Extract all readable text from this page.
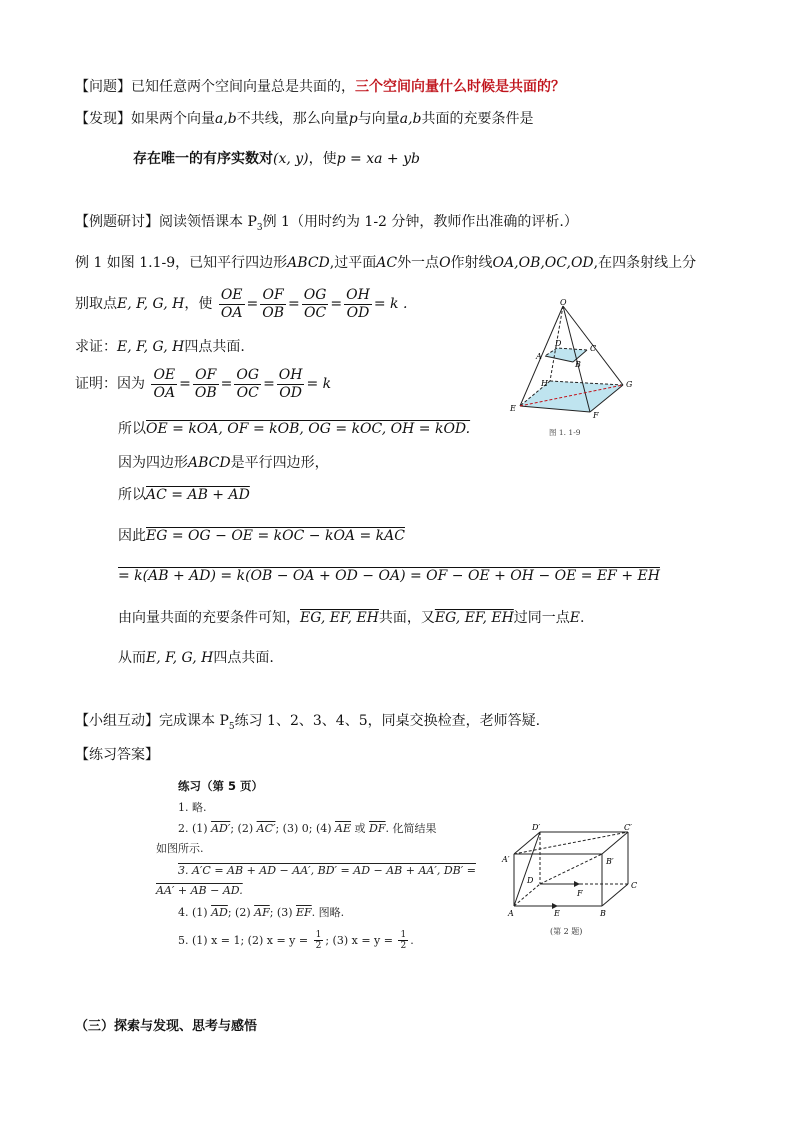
【问题】已知任意两个空间向量总是共面的，三个空间向量什么时候是共面的？
【发现】如果两个向量a,b不共线，那么向量p与向量a,b共面的充要条件是
存在唯一的有序实数对(x, y)，使p = xa + yb
【例题研讨】阅读领悟课本 $P_3$例 1（用时约为 1-2 分钟，教师作出准确的评析.）
例 1 如图 1.1-9，已知平行四边形ABCD,过平面AC外一点O作射线OA,OB,OC,OD,在四条射线上分
别取点E, F, G, H，使 $\frac{OE}{OA} = \frac{OF}{OB} = \frac{OG}{OC} = \frac{OH}{OD} = k$ .
求证：E, F, G, H四点共面.
证明：因为 $\frac{OE}{OA} = \frac{OF}{OB} = \frac{OG}{OC} = \frac{OH}{OD} = k$
所以OE = kOA, OF = kOB, OG = kOC, OH = kOD.
因为四边形ABCD是平行四边形，
所以AC = AB + AD
因此EG = OG − OE = kOC − kOA = kAC
= k(AB + AD) = k(OB − OA + OD − OA) = OF − OE + OH − OE = EF + EH
由向量共面的充要条件可知，EG, EF, EH共面，又EG, EF, EH过同一点E.
从而E, F, G, H四点共面.
O
D
C
A
B
H	G
E
F
图 1. 1-9
【小组互动】完成课本 $P_5$练习 1、2、3、4、5，同桌交换检查，老师答疑.
【练习答案】
练习（第 5 页）
1. 略.
2. (1) AD′; (2) AC′; (3) 0; (4) $\overline{AE}$ 或 $\overline{DF}$. 化简结果
如图所示.
3. A′C = AB + AD − AA′, BD′ = AD − AB + AA′, DB′ =
AA′ + AB − AD.
4. (1) $\overline{AD}$; (2) $\overline{AF}$; (3) $\overline{EF}$. 图略.
5. (1) x = 1; (2) $x = y = \frac{1}{2}$ ; (3) $x = y = \frac{1}{2}$ .
D′	C′
A′	B′
D
F
C
A	E	B
(第 2 题)
（三）探索与发现、思考与感悟
